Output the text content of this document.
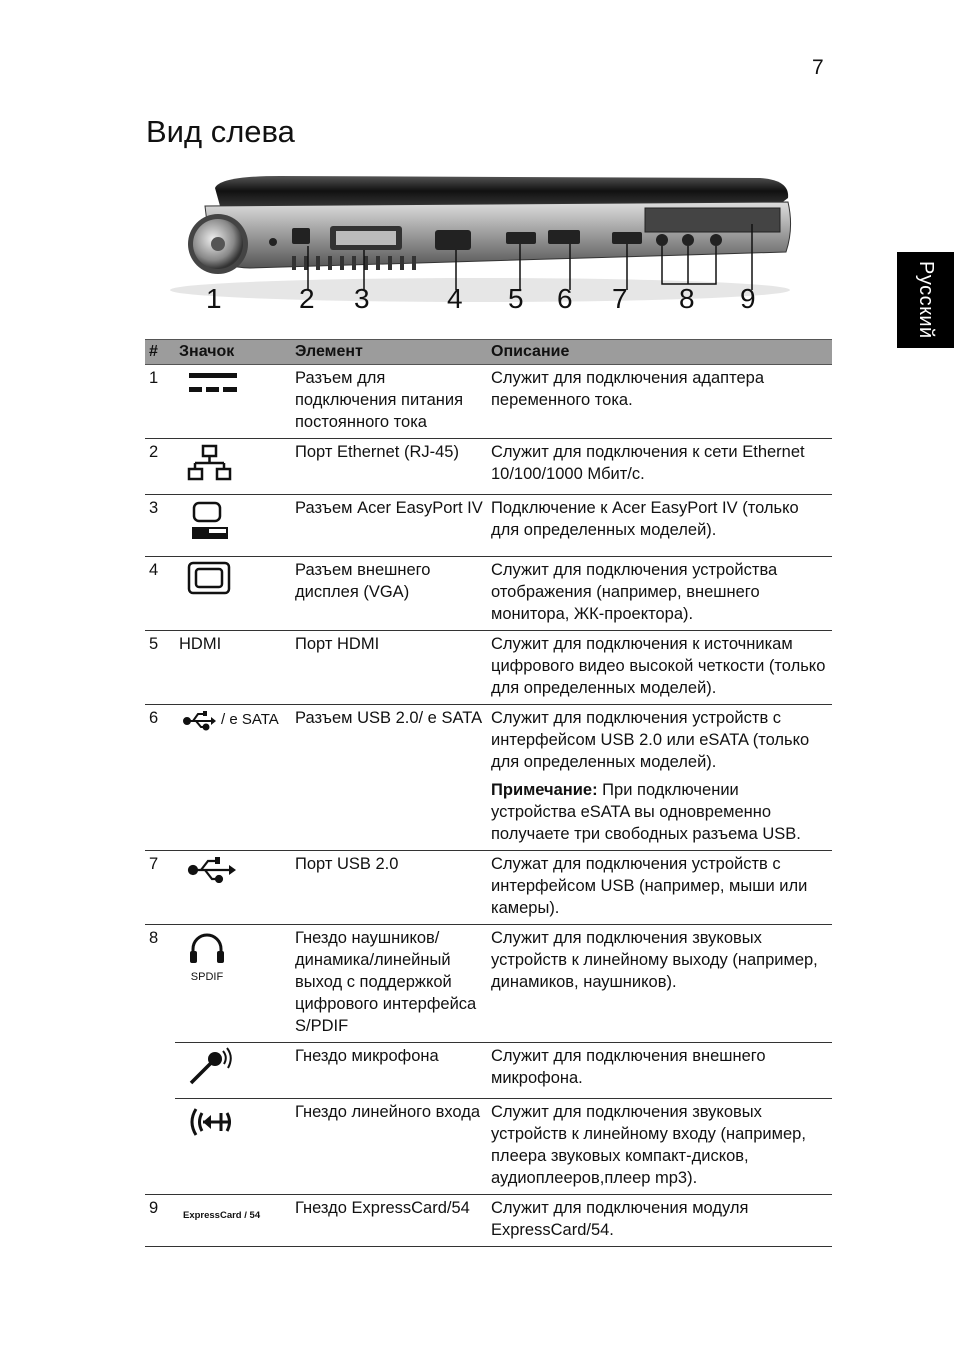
7
Вид слева
Русский
1	2 3	4 5 6 7 8 9
#	Значок	Элемент	Описание
1		Разъем для подключения питания постоянного тока	Служит для подключения адаптера переменного тока.
2		Порт Ethernet (RJ-45)	Служит для подключения к сети Ethernet 10/100/1000 Мбит/с.
3		Разъем Acer EasyPort IV	Подключение к Acer EasyPort IV (только для определенных моделей).
4		Разъем внешнего дисплея (VGA)	Служит для подключения устройства отображения (например, внешнего монитора, ЖК-проектора).
5	HDMI	Порт HDMI	Служит для подключения к источникам цифрового видео высокой четкости (только для определенных моделей).
6	/ e SATA	Разъем USB 2.0/ e SATA	Служит для подключения устройств с интерфейсом USB 2.0 или eSATA (только для определенных моделей).
Примечание: При подключении устройства eSATA вы одновременно получаете три свободных разъема USB.

7		Порт USB 2.0	Служат для подключения устройств с интерфейсом USB (например, мыши или камеры).
8	SPDIF	Гнездо наушников/ динамика/линейный выход с поддержкой цифрового интерфейса S/PDIF	Служит для подключения звуковых устройств к линейному выходу (например, динамиков, наушников).
		Гнездо микрофона	Служит для подключения внешнего микрофона.
		Гнездо линейного входа	Служит для подключения звуковых устройств к линейному входу (например, плеера звуковых компакт-дисков, аудиоплееров,плеер mp3).
9	ExpressCard / 54	Гнездо ExpressCard/54	Служит для подключения модуля ExpressCard/54.
